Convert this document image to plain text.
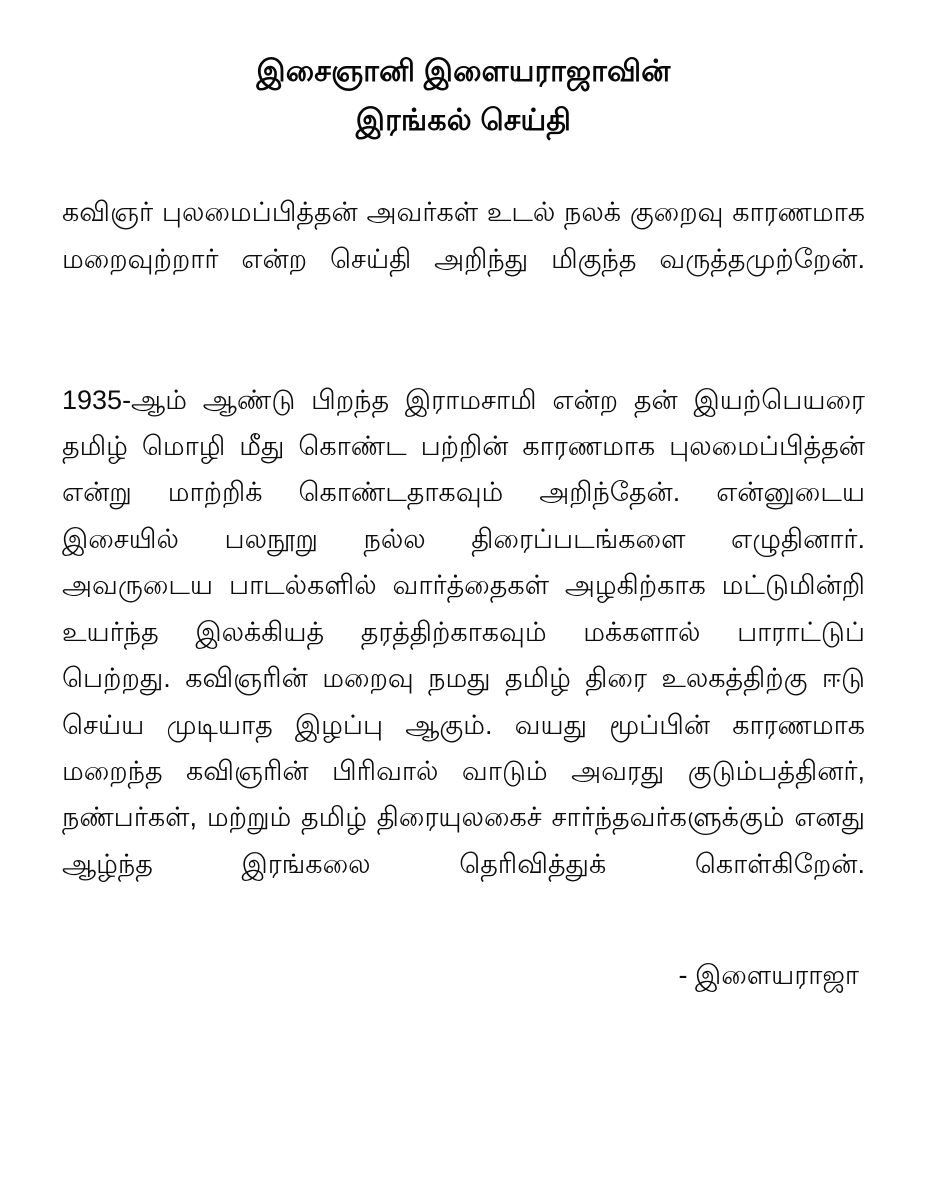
இசைஞானி இளையராஜாவின்
இரங்கல் செய்தி

கவிஞர் புலமைப்பித்தன் அவர்கள் உடல் நலக் குறைவு காரணமாக மறைவுற்றார் என்ற செய்தி அறிந்து மிகுந்த வருத்தமுற்றேன்.

1935-ஆம் ஆண்டு பிறந்த இராமசாமி என்ற தன் இயற்பெயரை தமிழ் மொழி மீது கொண்ட பற்றின் காரணமாக புலமைப்பித்தன் என்று மாற்றிக் கொண்டதாகவும் அறிந்தேன். என்னுடைய இசையில் பலநூறு நல்ல திரைப்படங்களை எழுதினார். அவருடைய பாடல்களில் வார்த்தைகள் அழகிற்காக மட்டுமின்றி உயர்ந்த இலக்கியத் தரத்திற்காகவும் மக்களால் பாராட்டுப் பெற்றது. கவிஞரின் மறைவு நமது தமிழ் திரை உலகத்திற்கு ஈடு செய்ய முடியாத இழப்பு ஆகும். வயது மூப்பின் காரணமாக மறைந்த கவிஞரின் பிரிவால் வாடும் அவரது குடும்பத்தினர், நண்பர்கள், மற்றும் தமிழ் திரையுலகைச் சார்ந்தவர்களுக்கும் எனது ஆழ்ந்த இரங்கலை தெரிவித்துக் கொள்கிறேன்.

- இளையராஜா
